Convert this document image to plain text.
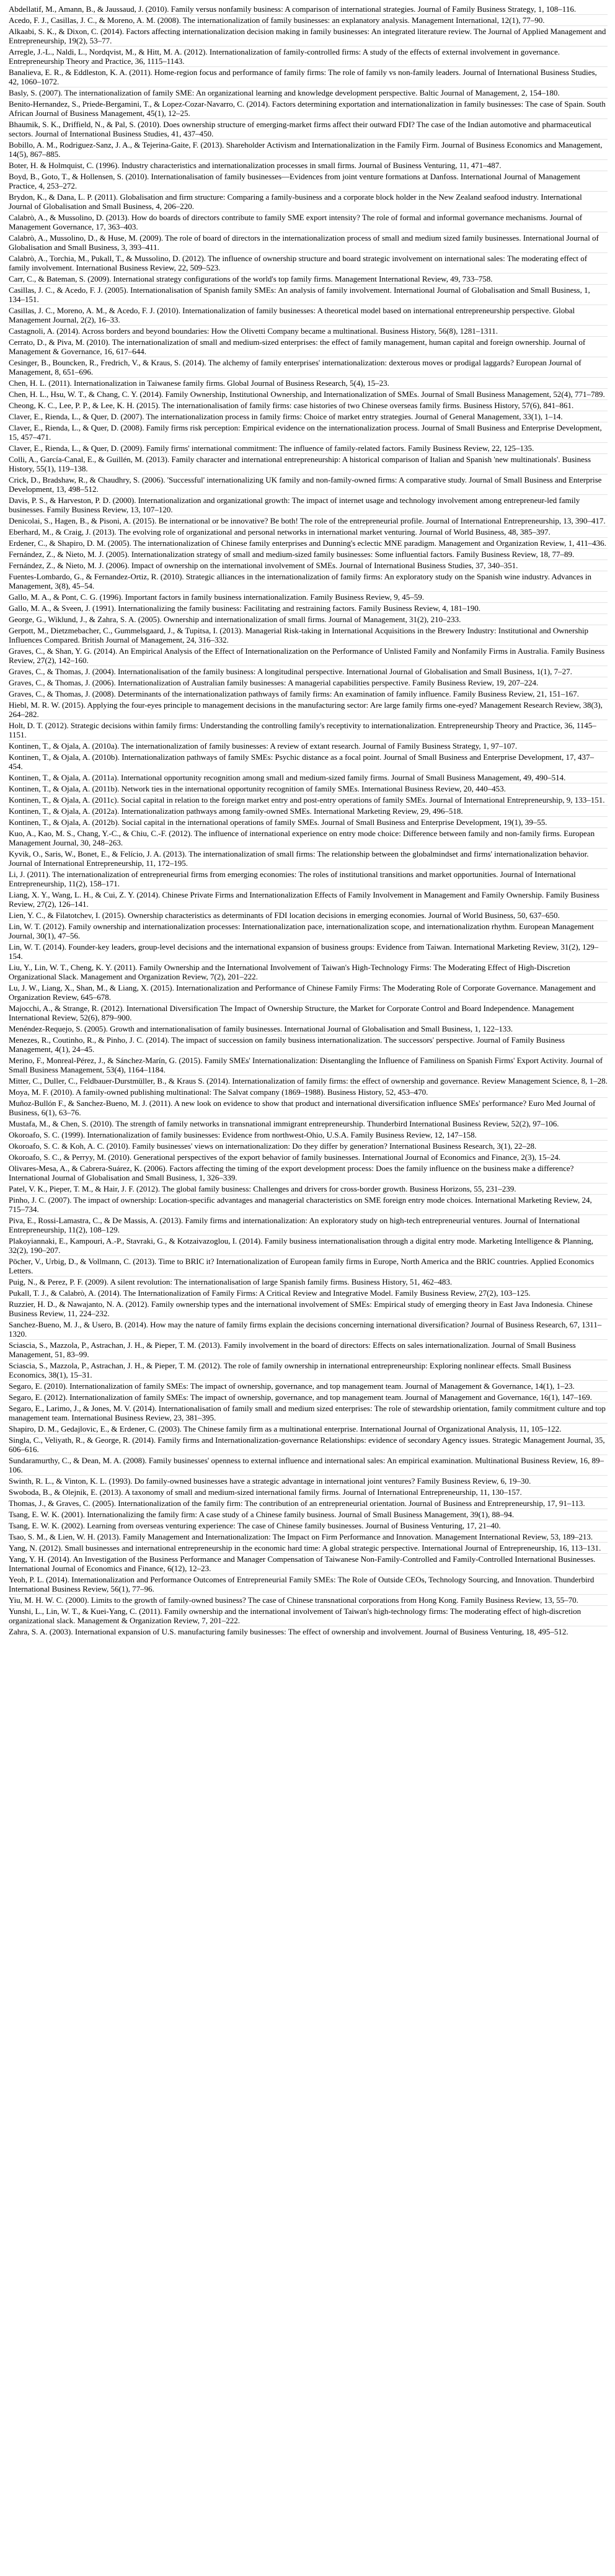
Abdellatif, M., Amann, B., & Jaussaud, J. (2010). Family versus nonfamily business: A comparison of international strategies. Journal of Family Business Strategy, 1, 108–116.
Acedo, F. J., Casillas, J. C., & Moreno, A. M. (2008). The internationalization of family businesses: an explanatory analysis. Management International, 12(1), 77–90.
Alkaabi, S. K., & Dixon, C. (2014). Factors affecting internationalization decision making in family businesses: An integrated literature review. The Journal of Applied Management and Entrepreneurship, 19(2), 53–77.
Arregle, J.-L., Naldi, L., Nordqvist, M., & Hitt, M. A. (2012). Internationalization of family-controlled firms: A study of the effects of external involvement in governance. Entrepreneurship Theory and Practice, 36, 1115–1143.
Banalieva, E. R., & Eddleston, K. A. (2011). Home-region focus and performance of family firms: The role of family vs non-family leaders. Journal of International Business Studies, 42, 1060–1072.
Basly, S. (2007). The internationalization of family SME: An organizational learning and knowledge development perspective. Baltic Journal of Management, 2, 154–180.
Benito-Hernandez, S., Priede-Bergamini, T., & Lopez-Cozar-Navarro, C. (2014). Factors determining exportation and internationalization in family businesses: The case of Spain. South African Journal of Business Management, 45(1), 12–25.
Bhaumik, S. K., Driffield, N., & Pal, S. (2010). Does ownership structure of emerging-market firms affect their outward FDI? The case of the Indian automotive and pharmaceutical sectors. Journal of International Business Studies, 41, 437–450.
Bobillo, A. M., Rodriguez-Sanz, J. A., & Tejerina-Gaite, F. (2013). Shareholder Activism and Internationalization in the Family Firm. Journal of Business Economics and Management, 14(5), 867–885.
Boter, H. & Holmquist, C. (1996). Industry characteristics and internationalization processes in small firms. Journal of Business Venturing, 11, 471–487.
Boyd, B., Goto, T., & Hollensen, S. (2010). Internationalisation of family businesses—Evidences from joint venture formations at Danfoss. International Journal of Management Practice, 4, 253–272.
Brydon, K., & Dana, L. P. (2011). Globalisation and firm structure: Comparing a family-business and a corporate block holder in the New Zealand seafood industry. International Journal of Globalisation and Small Business, 4, 206–220.
Calabrò, A., & Mussolino, D. (2013). How do boards of directors contribute to family SME export intensity? The role of formal and informal governance mechanisms. Journal of Management Governance, 17, 363–403.
Calabrò, A., Mussolino, D., & Huse, M. (2009). The role of board of directors in the internationalization process of small and medium sized family businesses. International Journal of Globalisation and Small Business, 3, 393–411.
Calabrò, A., Torchia, M., Pukall, T., & Mussolino, D. (2012). The influence of ownership structure and board strategic involvement on international sales: The moderating effect of family involvement. International Business Review, 22, 509–523.
Carr, C., & Bateman, S. (2009). International strategy configurations of the world's top family firms. Management International Review, 49, 733–758.
Casillas, J. C., & Acedo, F. J. (2005). Internationalisation of Spanish family SMEs: An analysis of family involvement. International Journal of Globalisation and Small Business, 1, 134–151.
Casillas, J. C., Moreno, A. M., & Acedo, F. J. (2010). Internationalization of family businesses: A theoretical model based on international entrepreneurship perspective. Global Management Journal, 2(2), 16–33.
Castagnoli, A. (2014). Across borders and beyond boundaries: How the Olivetti Company became a multinational. Business History, 56(8), 1281–1311.
Cerrato, D., & Piva, M. (2010). The internationalization of small and medium-sized enterprises: the effect of family management, human capital and foreign ownership. Journal of Management & Governance, 16, 617–644.
Cesinger, B., Bouncken, R., Fredrich, V., & Kraus, S. (2014). The alchemy of family enterprises' internationalization: dexterous moves or prodigal laggards? European Journal of Management, 8, 651–696.
Chen, H. L. (2011). Internationalization in Taiwanese family firms. Global Journal of Business Research, 5(4), 15–23.
Chen, H. L., Hsu, W. T., & Chang, C. Y. (2014). Family Ownership, Institutional Ownership, and Internationalization of SMEs. Journal of Small Business Management, 52(4), 771–789.
Cheong, K. C., Lee, P. P., & Lee, K. H. (2015). The internationalisation of family firms: case histories of two Chinese overseas family firms. Business History, 57(6), 841–861.
Claver, E., Rienda, L., & Quer, D. (2007). The internationalization process in family firms: Choice of market entry strategies. Journal of General Management, 33(1), 1–14.
Claver, E., Rienda, L., & Quer, D. (2008). Family firms risk perception: Empirical evidence on the internationalization process. Journal of Small Business and Enterprise Development, 15, 457–471.
Claver, E., Rienda, L., & Quer, D. (2009). Family firms' international commitment: The influence of family-related factors. Family Business Review, 22, 125–135.
Colli, A., García-Canal, E., & Guillén, M. (2013). Family character and international entrepreneurship: A historical comparison of Italian and Spanish 'new multinationals'. Business History, 55(1), 119–138.
Crick, D., Bradshaw, R., & Chaudhry, S. (2006). 'Successful' internationalizing UK family and non-family-owned firms: A comparative study. Journal of Small Business and Enterprise Development, 13, 498–512.
Davis, P. S., & Harveston, P. D. (2000). Internationalization and organizational growth: The impact of internet usage and technology involvement among entrepreneur-led family businesses. Family Business Review, 13, 107–120.
Denicolai, S., Hagen, B., & Pisoni, A. (2015). Be international or be innovative? Be both! The role of the entrepreneurial profile. Journal of International Entrepreneurship, 13, 390–417.
Eberhard, M., & Craig, J. (2013). The evolving role of organizational and personal networks in international market venturing. Journal of World Business, 48, 385–397.
Erdener, C., & Shapiro, D. M. (2005). The internationalization of Chinese family enterprises and Dunning's eclectic MNE paradigm. Management and Organization Review, 1, 411–436.
Fernández, Z., & Nieto, M. J. (2005). Internationalization strategy of small and medium-sized family businesses: Some influential factors. Family Business Review, 18, 77–89.
Fernández, Z., & Nieto, M. J. (2006). Impact of ownership on the international involvement of SMEs. Journal of International Business Studies, 37, 340–351.
Fuentes-Lombardo, G., & Fernandez-Ortiz, R. (2010). Strategic alliances in the internationalization of family firms: An exploratory study on the Spanish wine industry. Advances in Management, 3(8), 45–54.
Gallo, M. A., & Pont, C. G. (1996). Important factors in family business internationalization. Family Business Review, 9, 45–59.
Gallo, M. A., & Sveen, J. (1991). Internationalizing the family business: Facilitating and restraining factors. Family Business Review, 4, 181–190.
George, G., Wiklund, J., & Zahra, S. A. (2005). Ownership and internationalization of small firms. Journal of Management, 31(2), 210–233.
Gerpott, M., Dietzmebacher, C., Gummelsgaard, J., & Tupitsa, I. (2013). Managerial Risk-taking in International Acquisitions in the Brewery Industry: Institutional and Ownership Influences Compared. British Journal of Management, 24, 316–332.
Graves, C., & Shan, Y. G. (2014). An Empirical Analysis of the Effect of Internationalization on the Performance of Unlisted Family and Nonfamily Firms in Australia. Family Business Review, 27(2), 142–160.
Graves, C., & Thomas, J. (2004). Internationalisation of the family business: A longitudinal perspective. International Journal of Globalisation and Small Business, 1(1), 7–27.
Graves, C., & Thomas, J. (2006). Internationalization of Australian family businesses: A managerial capabilities perspective. Family Business Review, 19, 207–224.
Graves, C., & Thomas, J. (2008). Determinants of the internationalization pathways of family firms: An examination of family influence. Family Business Review, 21, 151–167.
Hiebl, M. R. W. (2015). Applying the four-eyes principle to management decisions in the manufacturing sector: Are large family firms one-eyed? Management Research Review, 38(3), 264–282.
Holt, D. T. (2012). Strategic decisions within family firms: Understanding the controlling family's receptivity to internationalization. Entrepreneurship Theory and Practice, 36, 1145–1151.
Kontinen, T., & Ojala, A. (2010a). The internationalization of family businesses: A review of extant research. Journal of Family Business Strategy, 1, 97–107.
Kontinen, T., & Ojala, A. (2010b). Internationalization pathways of family SMEs: Psychic distance as a focal point. Journal of Small Business and Enterprise Development, 17, 437–454.
Kontinen, T., & Ojala, A. (2011a). International opportunity recognition among small and medium-sized family firms. Journal of Small Business Management, 49, 490–514.
Kontinen, T., & Ojala, A. (2011b). Network ties in the international opportunity recognition of family SMEs. International Business Review, 20, 440–453.
Kontinen, T., & Ojala, A. (2011c). Social capital in relation to the foreign market entry and post-entry operations of family SMEs. Journal of International Entrepreneurship, 9, 133–151.
Kontinen, T., & Ojala, A. (2012a). Internationalization pathways among family-owned SMEs. International Marketing Review, 29, 496–518.
Kontinen, T., & Ojala, A. (2012b). Social capital in the international operations of family SMEs. Journal of Small Business and Enterprise Development, 19(1), 39–55.
Kuo, A., Kao, M. S., Chang, Y.-C., & Chiu, C.-F. (2012). The influence of international experience on entry mode choice: Difference between family and non-family firms. European Management Journal, 30, 248–263.
Kyvik, O., Saris, W., Bonet, E., & Felício, J. A. (2013). The internationalization of small firms: The relationship between the globalmindset and firms' internationalization behavior. Journal of International Entrepreneurship, 11, 172–195.
Li, J. (2011). The internationalization of entrepreneurial firms from emerging economies: The roles of institutional transitions and market opportunities. Journal of International Entrepreneurship, 11(2), 158–171.
Liang, X. Y., Wang, L. H., & Cui, Z. Y. (2014). Chinese Private Firms and Internationalization Effects of Family Involvement in Management and Family Ownership. Family Business Review, 27(2), 126–141.
Lien, Y. C., & Filatotchev, I. (2015). Ownership characteristics as determinants of FDI location decisions in emerging economies. Journal of World Business, 50, 637–650.
Lin, W. T. (2012). Family ownership and internationalization processes: Internationalization pace, internationalization scope, and internationalization rhythm. European Management Journal, 30(1), 47–56.
Lin, W. T. (2014). Founder-key leaders, group-level decisions and the international expansion of business groups: Evidence from Taiwan. International Marketing Review, 31(2), 129–154.
Liu, Y., Lin, W. T., Cheng, K. Y. (2011). Family Ownership and the International Involvement of Taiwan's High-Technology Firms: The Moderating Effect of High-Discretion Organizational Slack. Management and Organization Review, 7(2), 201–222.
Lu, J. W., Liang, X., Shan, M., & Liang, X. (2015). Internationalization and Performance of Chinese Family Firms: The Moderating Role of Corporate Governance. Management and Organization Review, 645–678.
Majocchi, A., & Strange, R. (2012). International Diversification The Impact of Ownership Structure, the Market for Corporate Control and Board Independence. Management International Review, 52(6), 879–900.
Menéndez-Requejo, S. (2005). Growth and internationalisation of family businesses. International Journal of Globalisation and Small Business, 1, 122–133.
Menezes, R., Coutinho, R., & Pinho, J. C. (2014). The impact of succession on family business internationalization. The successors' perspective. Journal of Family Business Management, 4(1), 24–45.
Merino, F., Monreal-Pérez, J., & Sánchez-Marín, G. (2015). Family SMEs' Internationalization: Disentangling the Influence of Familiness on Spanish Firms' Export Activity. Journal of Small Business Management, 53(4), 1164–1184.
Mitter, C., Duller, C., Feldbauer-Durstmüller, B., & Kraus S. (2014). Internationalization of family firms: the effect of ownership and governance. Review Management Science, 8, 1–28.
Moya, M. F. (2010). A family-owned publishing multinational: The Salvat company (1869–1988). Business History, 52, 453–470.
Muñoz-Bullón F., & Sanchez-Bueno, M. J. (2011). A new look on evidence to show that product and international diversification influence SMEs' performance? Euro Med Journal of Business, 6(1), 63–76.
Mustafa, M., & Chen, S. (2010). The strength of family networks in transnational immigrant entrepreneurship. Thunderbird International Business Review, 52(2), 97–106.
Okoroafo, S. C. (1999). Internationalization of family businesses: Evidence from northwest-Ohio, U.S.A. Family Business Review, 12, 147–158.
Okoroafo, S. C. & Koh, A. C. (2010). Family businesses' views on internationalization: Do they differ by generation? International Business Research, 3(1), 22–28.
Okoroafo, S. C., & Perryy, M. (2010). Generational perspectives of the export behavior of family businesses. International Journal of Economics and Finance, 2(3), 15–24.
Olivares-Mesa, A., & Cabrera-Suárez, K. (2006). Factors affecting the timing of the export development process: Does the family influence on the business make a difference? International Journal of Globalisation and Small Business, 1, 326–339.
Patel, V. K., Pieper, T. M., & Hair, J. F. (2012). The global family business: Challenges and drivers for cross-border growth. Business Horizons, 55, 231–239.
Pinho, J. C. (2007). The impact of ownership: Location-specific advantages and managerial characteristics on SME foreign entry mode choices. International Marketing Review, 24, 715–734.
Piva, E., Rossi-Lamastra, C., & De Massis, A. (2013). Family firms and internationalization: An exploratory study on high-tech entrepreneurial ventures. Journal of International Entrepreneurship, 11(2), 108–129.
Plakoyiannaki, E., Kampouri, A.-P., Stavraki, G., & Kotzaivazoglou, I. (2014). Family business internationalisation through a digital entry mode. Marketing Intelligence & Planning, 32(2), 190–207.
Pöcher, V., Urbig, D., & Vollmann, C. (2013). Time to BRIC it? Internationalization of European family firms in Europe, North America and the BRIC countries. Applied Economics Letters.
Puig, N., & Perez, P. F. (2009). A silent revolution: The internationalisation of large Spanish family firms. Business History, 51, 462–483.
Pukall, T. J., & Calabrò, A. (2014). The Internationalization of Family Firms: A Critical Review and Integrative Model. Family Business Review, 27(2), 103–125.
Ruzzier, H. D., & Nawajanto, N. A. (2012). Family ownership types and the international involvement of SMEs: Empirical study of emerging theory in East Java Indonesia. Chinese Business Review, 11, 224–232.
Sanchez-Bueno, M. J., & Usero, B. (2014). How may the nature of family firms explain the decisions concerning international diversification? Journal of Business Research, 67, 1311–1320.
Sciascia, S., Mazzola, P., Astrachan, J. H., & Pieper, T. M. (2013). Family involvement in the board of directors: Effects on sales internationalization. Journal of Small Business Management, 51, 83–99.
Sciascia, S., Mazzola, P., Astrachan, J. H., & Pieper, T. M. (2012). The role of family ownership in international entrepreneurship: Exploring nonlinear effects. Small Business Economics, 38(1), 15–31.
Segaro, E. (2010). Internationalization of family SMEs: The impact of ownership, governance, and top management team. Journal of Management & Governance, 14(1), 1–23.
Segaro, E. (2012). Internationalization of family SMEs: The impact of ownership, governance, and top management team. Journal of Management and Governance, 16(1), 147–169.
Segaro, E., Larimo, J., & Jones, M. V. (2014). Internationalisation of family small and medium sized enterprises: The role of stewardship orientation, family commitment culture and top management team. International Business Review, 23, 381–395.
Shapiro, D. M., Gedajlovic, E., & Erdener, C. (2003). The Chinese family firm as a multinational enterprise. International Journal of Organizational Analysis, 11, 105–122.
Singla, C., Veliyath, R., & George, R. (2014). Family firms and Internationalization-governance Relationships: evidence of secondary Agency issues. Strategic Management Journal, 35, 606–616.
Sundaramurthy, C., & Dean, M. A. (2008). Family businesses' openness to external influence and international sales: An empirical examination. Multinational Business Review, 16, 89–106.
Swinth, R. L., & Vinton, K. L. (1993). Do family-owned businesses have a strategic advantage in international joint ventures? Family Business Review, 6, 19–30.
Swoboda, B., & Olejnik, E. (2013). A taxonomy of small and medium-sized international family firms. Journal of International Entrepreneurship, 11, 130–157.
Thomas, J., & Graves, C. (2005). Internationalization of the family firm: The contribution of an entrepreneurial orientation. Journal of Business and Entrepreneurship, 17, 91–113.
Tsang, E. W. K. (2001). Internationalizing the family firm: A case study of a Chinese family business. Journal of Small Business Management, 39(1), 88–94.
Tsang, E. W. K. (2002). Learning from overseas venturing experience: The case of Chinese family businesses. Journal of Business Venturing, 17, 21–40.
Tsao, S. M., & Lien, W. H. (2013). Family Management and Internationalization: The Impact on Firm Performance and Innovation. Management International Review, 53, 189–213.
Yang, N. (2012). Small businesses and international entrepreneurship in the economic hard time: A global strategic perspective. International Journal of Entrepreneurship, 16, 113–131.
Yang, Y. H. (2014). An Investigation of the Business Performance and Manager Compensation of Taiwanese Non-Family-Controlled and Family-Controlled International Businesses. International Journal of Economics and Finance, 6(12), 12–23.
Yeoh, P. L. (2014). Internationalization and Performance Outcomes of Entrepreneurial Family SMEs: The Role of Outside CEOs, Technology Sourcing, and Innovation. Thunderbird International Business Review, 56(1), 77–96.
Yiu, M. H. W. C. (2000). Limits to the growth of family-owned business? The case of Chinese transnational corporations from Hong Kong. Family Business Review, 13, 55–70.
Yunshi, L., Lin, W. T., & Kuei-Yang, C. (2011). Family ownership and the international involvement of Taiwan's high-technology firms: The moderating effect of high-discretion organizational slack. Management & Organization Review, 7, 201–222.
Zahra, S. A. (2003). International expansion of U.S. manufacturing family businesses: The effect of ownership and involvement. Journal of Business Venturing, 18, 495–512.
